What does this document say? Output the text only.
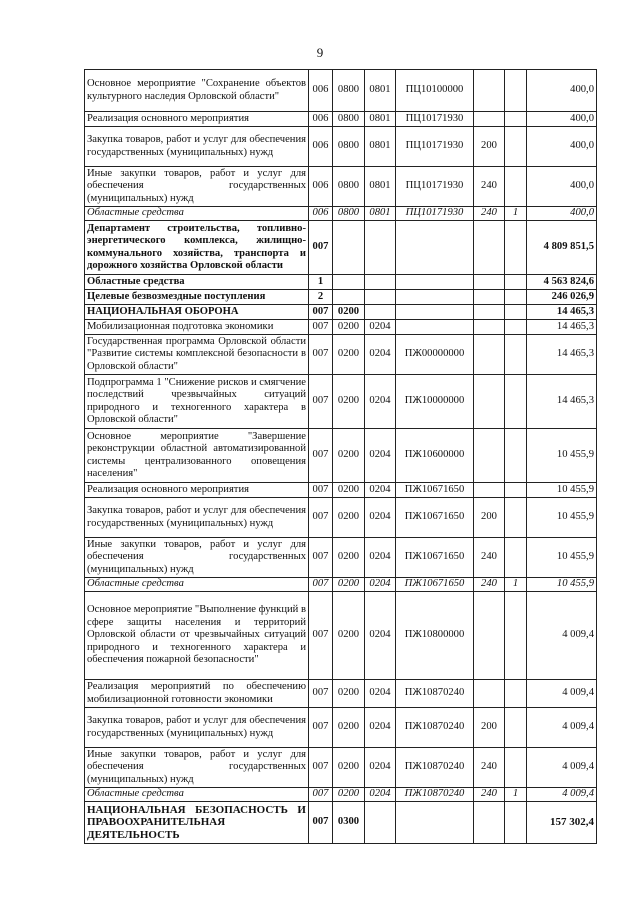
9
Основное мероприятие "Сохранение объектов культурного наследия Орловской области"	006	0800	0801	ПЦ10100000			400,0
Реализация основного мероприятия	006	0800	0801	ПЦ10171930			400,0
Закупка товаров, работ и услуг для обеспечения государственных (муниципальных) нужд	006	0800	0801	ПЦ10171930	200		400,0
Иные закупки товаров, работ и услуг для обеспечения государственных (муниципальных) нужд	006	0800	0801	ПЦ10171930	240		400,0
Областные средства	006	0800	0801	ПЦ10171930	240	1	400,0
Департамент строительства, топливно-энергетического комплекса, жилищно-коммунального хозяйства, транспорта и дорожного хозяйства Орловской области	007						4 809 851,5
Областные средства	1						4 563 824,6
Целевые безвозмездные поступления	2						246 026,9
НАЦИОНАЛЬНАЯ ОБОРОНА	007	0200					14 465,3
Мобилизационная подготовка экономики	007	0200	0204				14 465,3
Государственная программа Орловской области "Развитие системы комплексной безопасности в Орловской области"	007	0200	0204	ПЖ00000000			14 465,3
Подпрограмма 1 "Снижение рисков и смягчение последствий чрезвычайных ситуаций природного и техногенного характера в Орловской области"	007	0200	0204	ПЖ10000000			14 465,3
Основное мероприятие "Завершение реконструкции областной автоматизированной системы централизованного оповещения населения"	007	0200	0204	ПЖ10600000			10 455,9
Реализация основного мероприятия	007	0200	0204	ПЖ10671650			10 455,9
Закупка товаров, работ и услуг для обеспечения государственных (муниципальных) нужд	007	0200	0204	ПЖ10671650	200		10 455,9
Иные закупки товаров, работ и услуг для обеспечения государственных (муниципальных) нужд	007	0200	0204	ПЖ10671650	240		10 455,9
Областные средства	007	0200	0204	ПЖ10671650	240	1	10 455,9
Основное мероприятие "Выполнение функций в сфере защиты населения и территорий Орловской области от чрезвычайных ситуаций природного и техногенного характера и обеспечения пожарной безопасности"	007	0200	0204	ПЖ10800000			4 009,4
Реализация мероприятий по обеспечению мобилизационной готовности экономики	007	0200	0204	ПЖ10870240			4 009,4
Закупка товаров, работ и услуг для обеспечения государственных (муниципальных) нужд	007	0200	0204	ПЖ10870240	200		4 009,4
Иные закупки товаров, работ и услуг для обеспечения государственных (муниципальных) нужд	007	0200	0204	ПЖ10870240	240		4 009,4
Областные средства	007	0200	0204	ПЖ10870240	240	1	4 009,4
НАЦИОНАЛЬНАЯ БЕЗОПАСНОСТЬ И ПРАВООХРАНИТЕЛЬНАЯ ДЕЯТЕЛЬНОСТЬ	007	0300					157 302,4
